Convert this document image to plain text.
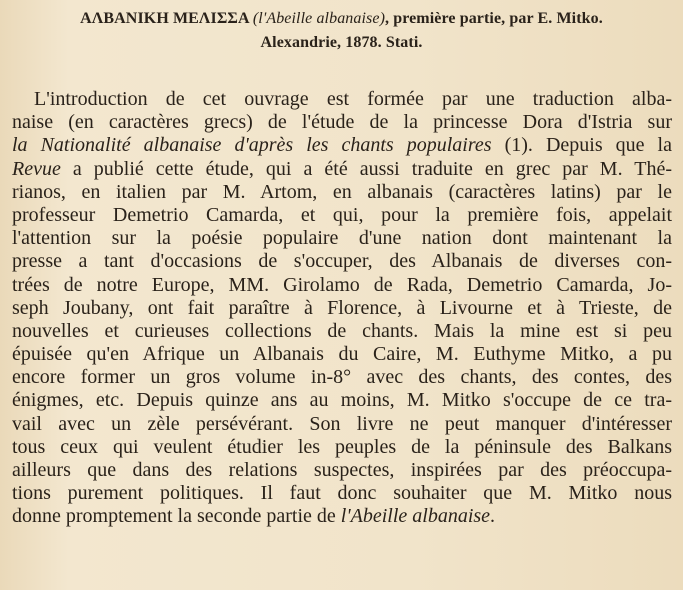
ΑΛΒΑΝΙΚΗ ΜΕΛΙΣΣΑ (l'Abeille albanaise), première partie, par E. Mitko.
Alexandrie, 1878. Stati.
L'introduction de cet ouvrage est formée par une traduction alba-
naise (en caractères grecs) de l'étude de la princesse Dora d'Istria sur
la Nationalité albanaise d'après les chants populaires (1). Depuis que la
Revue a publié cette étude, qui a été aussi traduite en grec par M. Thé-
rianos, en italien par M. Artom, en albanais (caractères latins) par le
professeur Demetrio Camarda, et qui, pour la première fois, appelait
l'attention sur la poésie populaire d'une nation dont maintenant la
presse a tant d'occasions de s'occuper, des Albanais de diverses con-
trées de notre Europe, MM. Girolamo de Rada, Demetrio Camarda, Jo-
seph Joubany, ont fait paraître à Florence, à Livourne et à Trieste, de
nouvelles et curieuses collections de chants. Mais la mine est si peu
épuisée qu'en Afrique un Albanais du Caire, M. Euthyme Mitko, a pu
encore former un gros volume in-8° avec des chants, des contes, des
énigmes, etc. Depuis quinze ans au moins, M. Mitko s'occupe de ce tra-
vail avec un zèle persévérant. Son livre ne peut manquer d'intéresser
tous ceux qui veulent étudier les peuples de la péninsule des Balkans
ailleurs que dans des relations suspectes, inspirées par des préoccupa-
tions purement politiques. Il faut donc souhaiter que M. Mitko nous
donne promptement la seconde partie de l'Abeille albanaise.
